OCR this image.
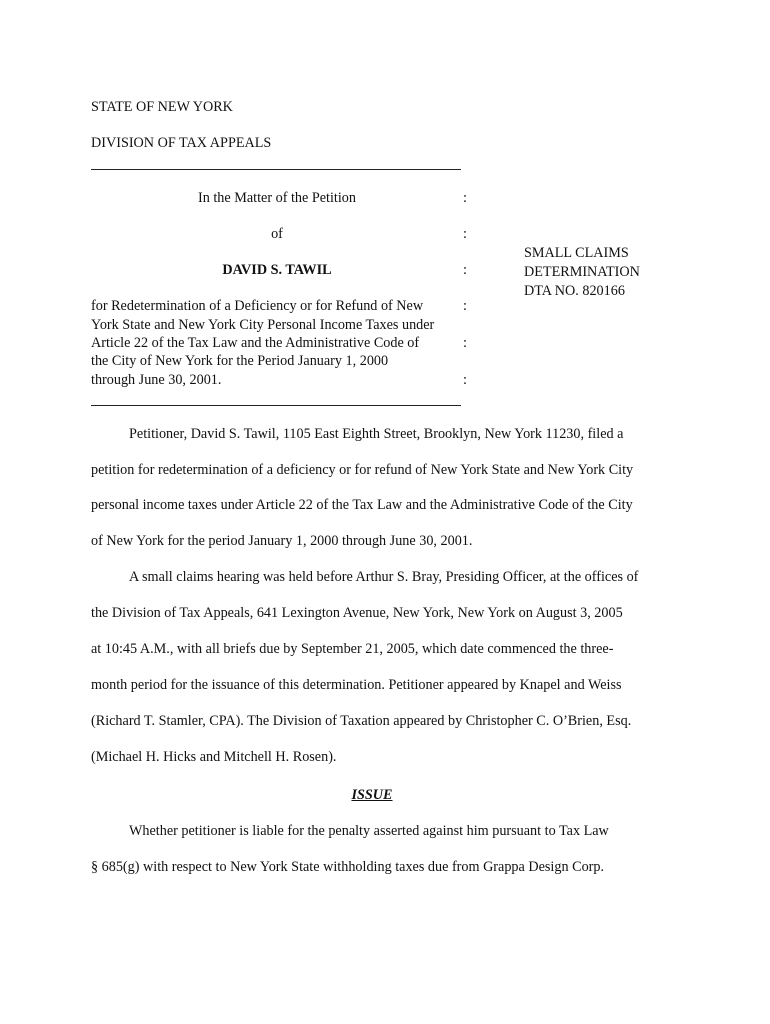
STATE OF NEW YORK
DIVISION OF TAX APPEALS
In the Matter of the Petition	:
of	:
DAVID S. TAWIL	:
for Redetermination of a Deficiency or for Refund of New	:
York State and New York City Personal Income Taxes under
Article 22 of the Tax Law and the Administrative Code of	:
the City of New York for the Period January 1, 2000
through June 30, 2001.	:
SMALL CLAIMS
DETERMINATION
DTA NO. 820166
Petitioner, David S. Tawil, 1105 East Eighth Street, Brooklyn, New York 11230, filed a
petition for redetermination of a deficiency or for refund of New York State and New York City
personal income taxes under Article 22 of the Tax Law and the Administrative Code of the City
of New York for the period January 1, 2000 through June 30, 2001.
A small claims hearing was held before Arthur S. Bray, Presiding Officer, at the offices of
the Division of Tax Appeals, 641 Lexington Avenue, New York, New York on August 3, 2005
at 10:45 A.M., with all briefs due by September 21, 2005, which date commenced the three-
month period for the issuance of this determination. Petitioner appeared by Knapel and Weiss
(Richard T. Stamler, CPA). The Division of Taxation appeared by Christopher C. O’Brien, Esq.
(Michael H. Hicks and Mitchell H. Rosen).
ISSUE
Whether petitioner is liable for the penalty asserted against him pursuant to Tax Law
§ 685(g) with respect to New York State withholding taxes due from Grappa Design Corp.
